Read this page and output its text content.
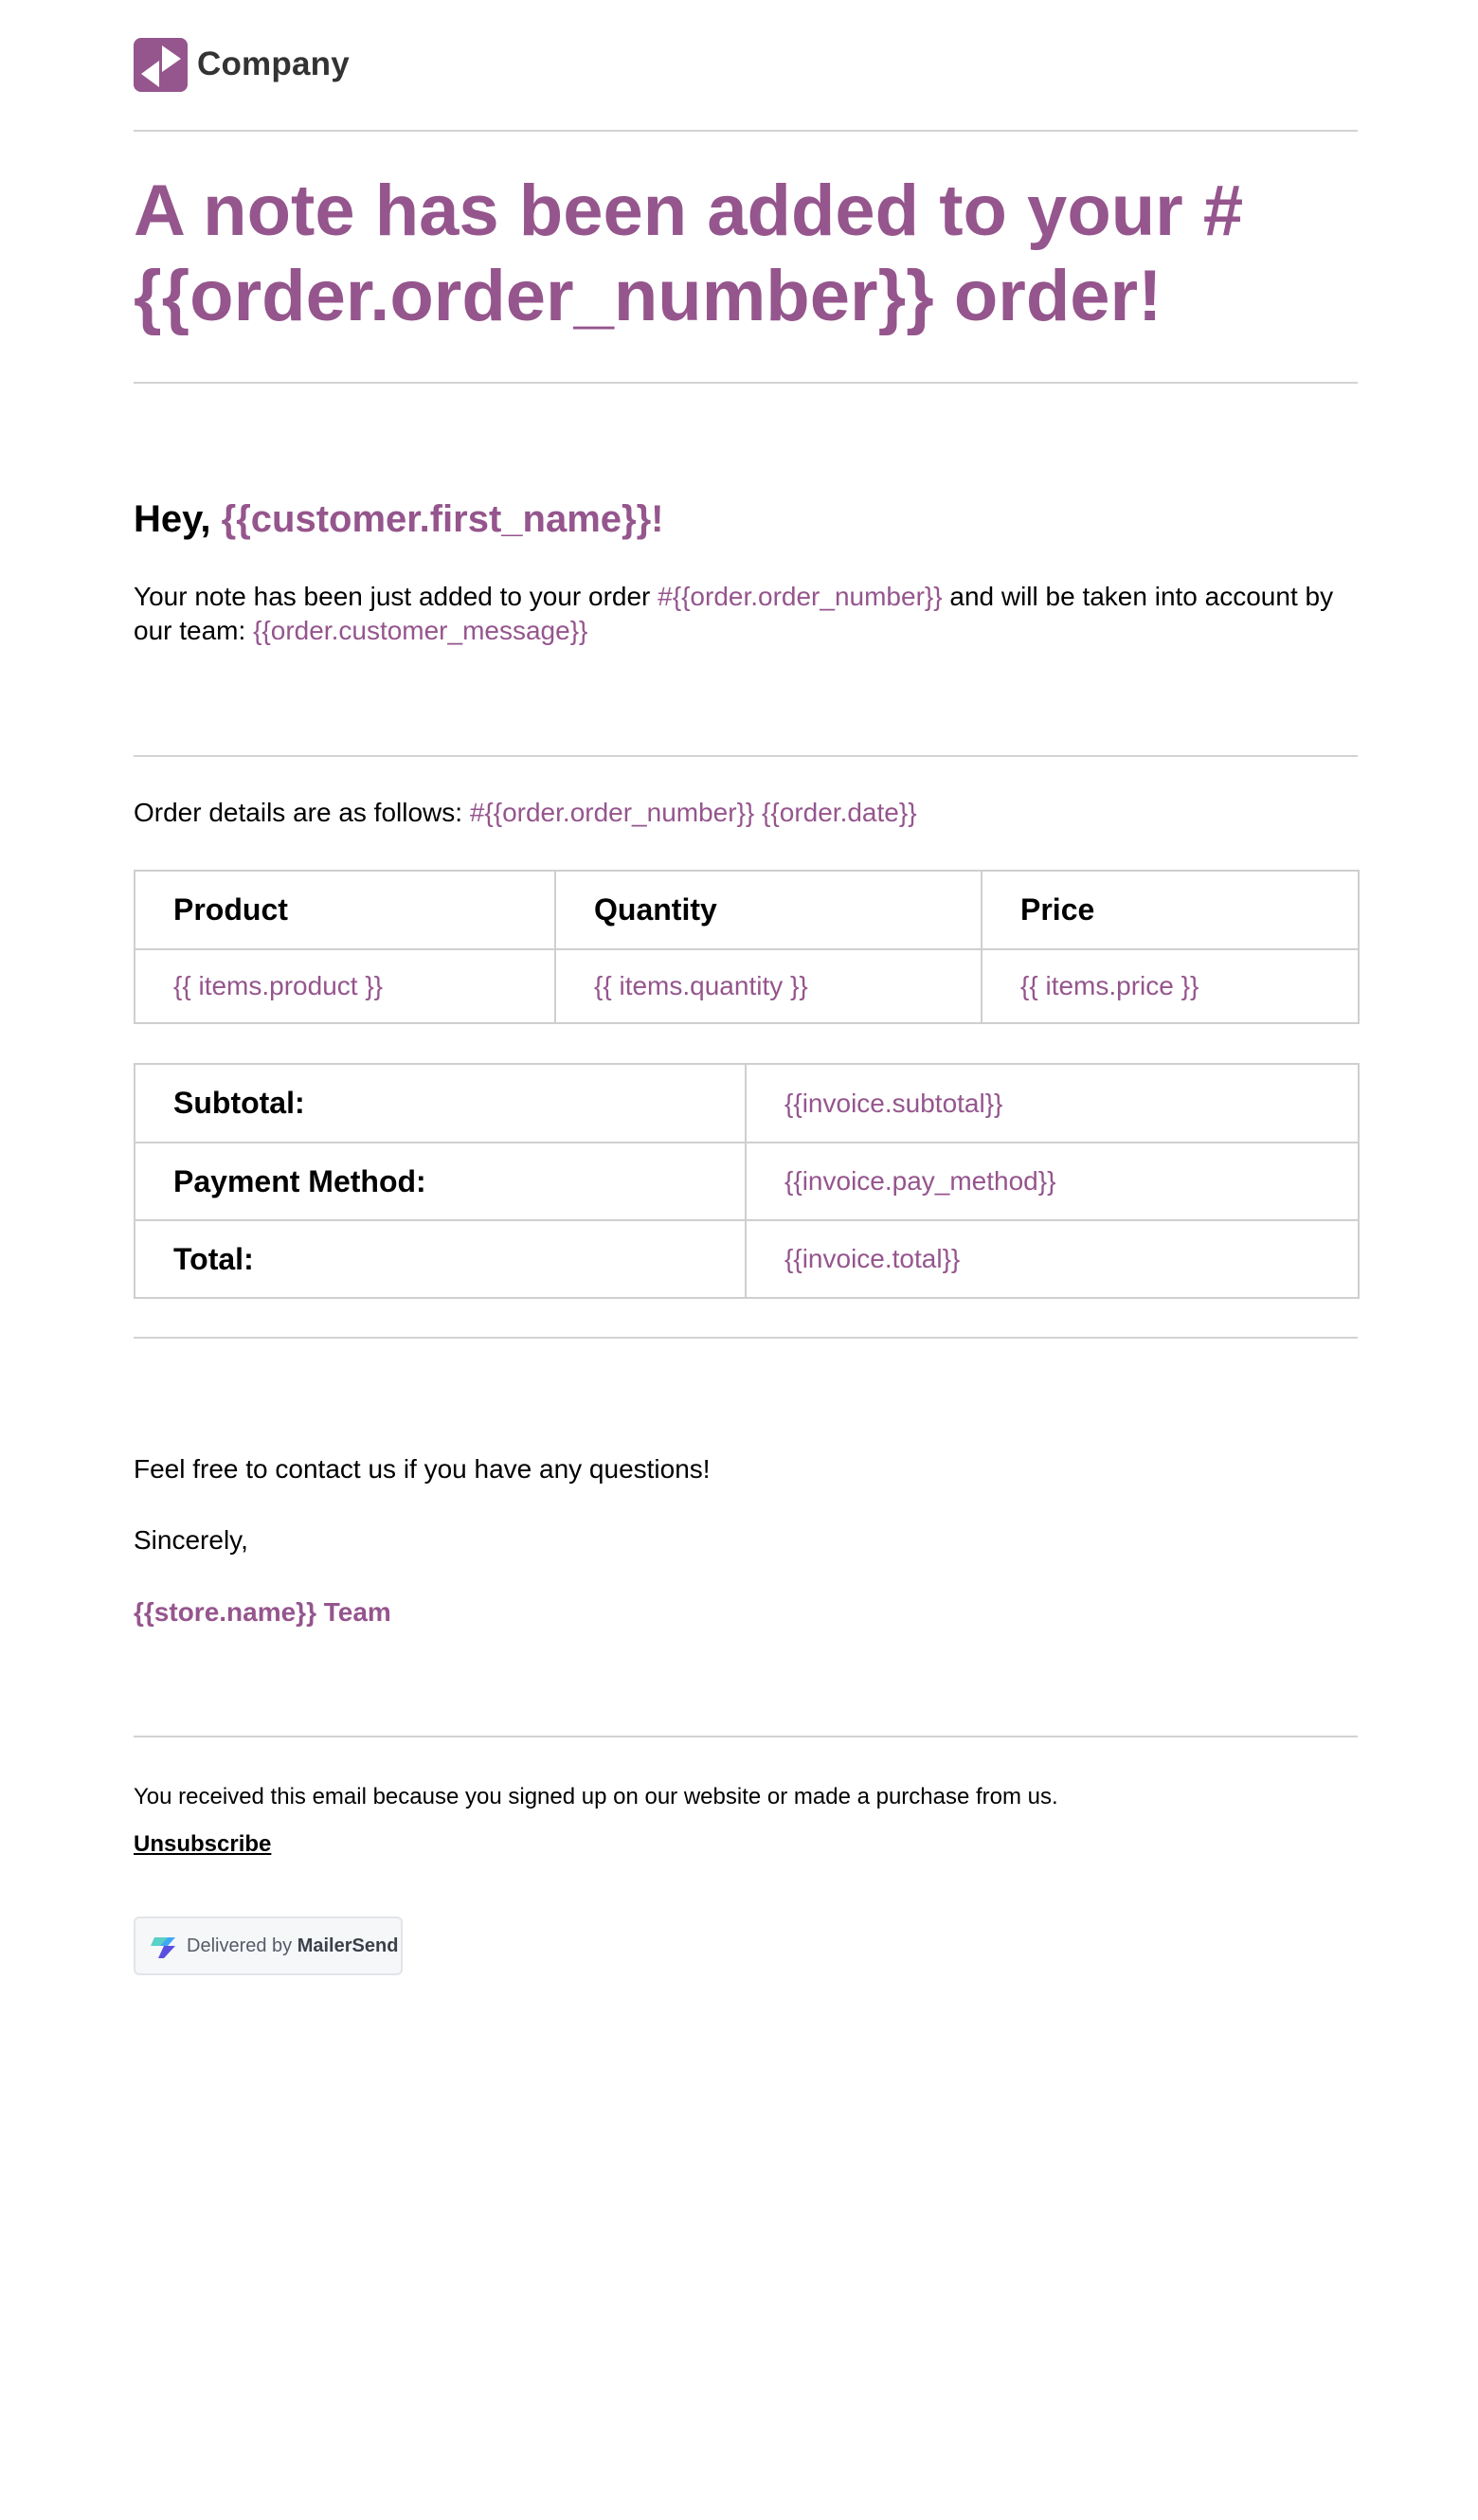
Company
A note has been added to your #
{{order.order_number}} order!
Hey, {{customer.first_name}}!

Your note has been just added to your order #{{order.order_number}} and will be taken into account by our team: {{order.customer_message}}

Order details are as follows: #{{order.order_number}} {{order.date}}

Product	Quantity	Price
{{ items.product }}	{{ items.quantity }}	{{ items.price }}
Subtotal:	{{invoice.subtotal}}
Payment Method:	{{invoice.pay_method}}
Total:	{{invoice.total}}

Feel free to contact us if you have any questions!

Sincerely,

{{store.name}} Team

You received this email because you signed up on our website or made a purchase from us.

Unsubscribe
Delivered by MailerSend
